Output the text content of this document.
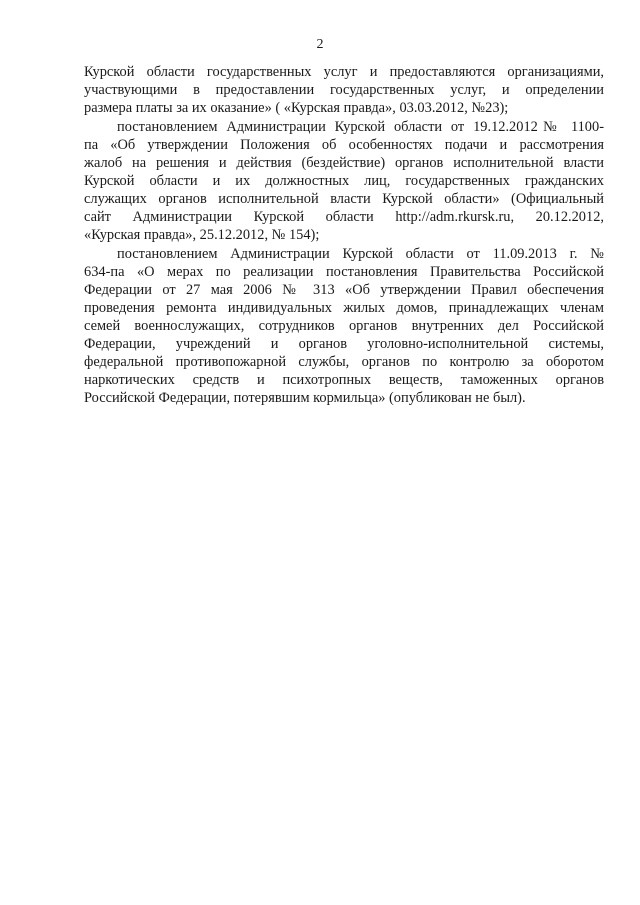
2
Курской области государственных услуг и предоставляются организациями,
участвующими в предоставлении государственных услуг, и определении
размера платы за их оказание» ( «Курская правда», 03.03.2012, №23);
постановлением Администрации Курской области от 19.12.2012№ 1100-
па «Об утверждении Положения об особенностях подачи и рассмотрения
жалоб на решения и действия (бездействие) органов исполнительной власти
Курской области и их должностных лиц, государственных гражданских
служащих органов исполнительной власти Курской области» (Официальный
сайт Администрации Курской области http://adm.rkursk.ru, 20.12.2012,
«Курская правда», 25.12.2012, № 154);
постановлением Администрации Курской области от 11.09.2013 г. №
634-па «О мерах по реализации постановления Правительства Российской
Федерации от 27 мая 2006 № 313 «Об утверждении Правил обеспечения
проведения ремонта индивидуальных жилых домов, принадлежащих членам
семей военнослужащих, сотрудников органов внутренних дел Российской
Федерации, учреждений и органов уголовно-исполнительной системы,
федеральной противопожарной службы, органов по контролю за оборотом
наркотических средств и психотропных веществ, таможенных органов
Российской Федерации, потерявшим кормильца» (опубликован не был).
